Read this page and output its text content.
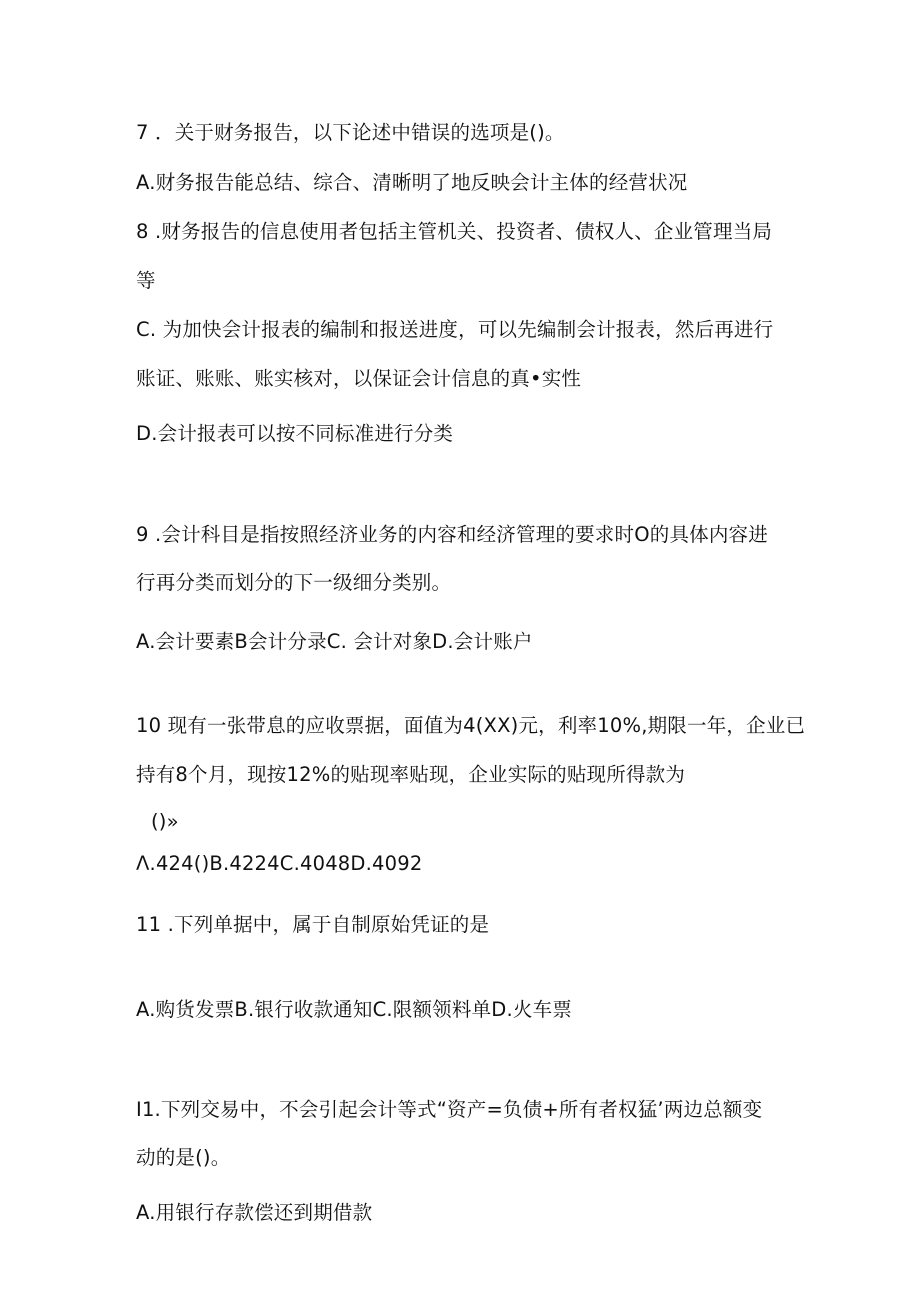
7 ．关于财务报告，以下论述中错误的选项是()。
A.财务报告能总结、综合、清晰明了地反映会计主体的经营状况
8 .财务报告的信息使用者包括主管机关、投资者、债权人、企业管理当局
等
C. 为加快会计报表的编制和报送进度，可以先编制会计报表，然后再进行
账证、账账、账实核对，以保证会计信息的真•实性
D.会计报表可以按不同标准进行分类
9 .会计科目是指按照经济业务的内容和经济管理的要求时O的具体内容进
行再分类而划分的下一级细分类别。
A.会计要素B会计分录C. 会计对象D.会计账户
10 现有一张带息的应收票据，面值为4(XX)元，利率10%,期限一年，企业已
持有8个月，现按12%的贴现率贴现，企业实际的贴现所得款为
()»
Λ.424()B.4224C.4048D.4092
11 .下列单据中，属于自制原始凭证的是
A.购货发票B.银行收款通知C.限额领料单D.火车票
I1.下列交易中，不会引起会计等式“资产=负债+所有者权猛’两边总额变
动的是()。
A.用银行存款偿还到期借款
